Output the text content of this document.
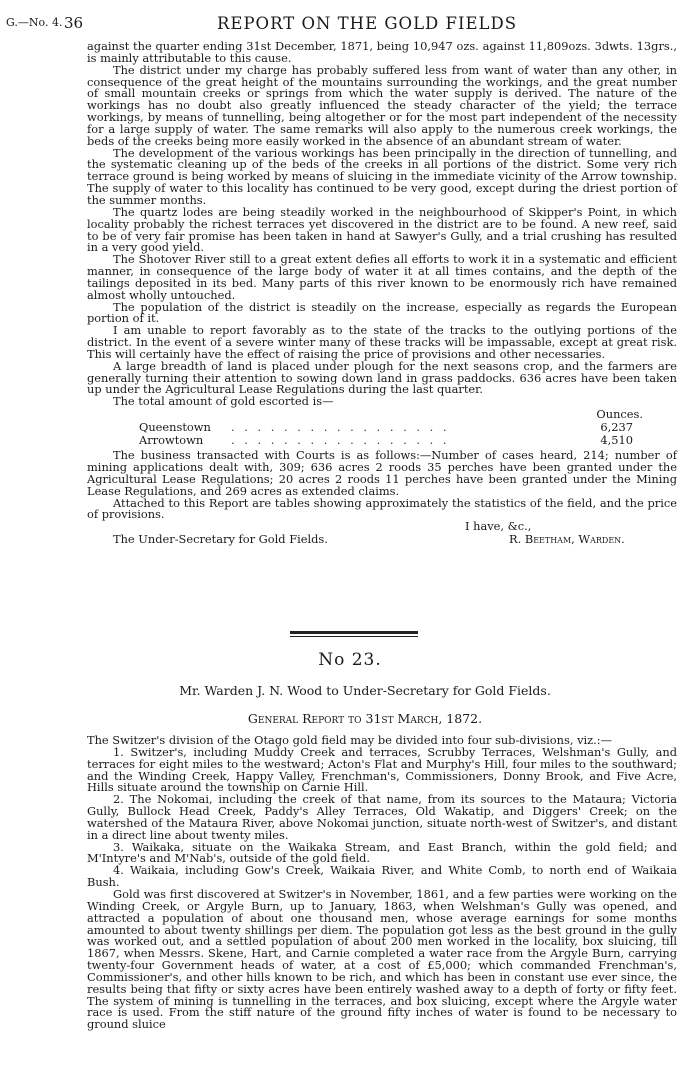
G.—No. 4. 36	REPORT ON THE GOLD FIELDS

against the quarter ending 31st December, 1871, being 10,947 ozs. against 11,809ozs. 3dwts. 13grs., is mainly attributable to this cause.

The district under my charge has probably suffered less from want of water than any other, in consequence of the great height of the mountains surrounding the workings, and the great number of small mountain creeks or springs from which the water supply is derived. The nature of the workings has no doubt also greatly influenced the steady character of the yield; the terrace workings, by means of tunnelling, being altogether or for the most part independent of the necessity for a large supply of water. The same remarks will also apply to the numerous creek workings, the beds of the creeks being more easily worked in the absence of an abundant stream of water.

The development of the various workings has been principally in the direction of tunnelling, and the systematic cleaning up of the beds of the creeks in all portions of the district. Some very rich terrace ground is being worked by means of sluicing in the immediate vicinity of the Arrow township. The supply of water to this locality has continued to be very good, except during the driest portion of the summer months.

The quartz lodes are being steadily worked in the neighbourhood of Skipper's Point, in which locality probably the richest terraces yet discovered in the district are to be found. A new reef, said to be of very fair promise has been taken in hand at Sawyer's Gully, and a trial crushing has resulted in a very good yield.

The Shotover River still to a great extent defies all efforts to work it in a systematic and efficient manner, in consequence of the large body of water it at all times contains, and the depth of the tailings deposited in its bed. Many parts of this river known to be enormously rich have remained almost wholly untouched.

The population of the district is steadily on the increase, especially as regards the European portion of it.

I am unable to report favorably as to the state of the tracks to the outlying portions of the district. In the event of a severe winter many of these tracks will be impassable, except at great risk. This will certainly have the effect of raising the price of provisions and other necessaries.

A large breadth of land is placed under plough for the next seasons crop, and the farmers are generally turning their attention to sowing down land in grass paddocks. 636 acres have been taken up under the Agricultural Lease Regulations during the last quarter.

The total amount of gold escorted is—

Ounces.
Queenstown . . . . . . . . . . . . . . . . .	6,237
Arrowtown . . . . . . . . . . . . . . . . .	4,510

The business transacted with Courts is as follows:—Number of cases heard, 214; number of mining applications dealt with, 309; 636 acres 2 roods 35 perches have been granted under the Agricultural Lease Regulations; 20 acres 2 roods 11 perches have been granted under the Mining Lease Regulations, and 269 acres as extended claims.

Attached to this Report are tables showing approximately the statistics of the field, and the price of provisions.

I have, &c.,
The Under-Secretary for Gold Fields.	R. Beetham, Warden.
No 23.
Mr. Warden J. N. Wood to Under-Secretary for Gold Fields.
General Report to 31st March, 1872.

The Switzer's division of the Otago gold field may be divided into four sub-divisions, viz.:—

1. Switzer's, including Muddy Creek and terraces, Scrubby Terraces, Welshman's Gully, and terraces for eight miles to the westward; Acton's Flat and Murphy's Hill, four miles to the southward; and the Winding Creek, Happy Valley, Frenchman's, Commissioners, Donny Brook, and Five Acre, Hills situate around the township on Carnie Hill.

2. The Nokomai, including the creek of that name, from its sources to the Mataura; Victoria Gully, Bullock Head Creek, Paddy's Alley Terraces, Old Wakatip, and Diggers' Creek; on the watershed of the Mataura River, above Nokomai junction, situate north-west of Switzer's, and distant in a direct line about twenty miles.

3. Waikaka, situate on the Waikaka Stream, and East Branch, within the gold field; and M'Intyre's and M'Nab's, outside of the gold field.

4. Waikaia, including Gow's Creek, Waikaia River, and White Comb, to north end of Waikaia Bush.

Gold was first discovered at Switzer's in November, 1861, and a few parties were working on the Winding Creek, or Argyle Burn, up to January, 1863, when Welshman's Gully was opened, and attracted a population of about one thousand men, whose average earnings for some months amounted to about twenty shillings per diem. The population got less as the best ground in the gully was worked out, and a settled population of about 200 men worked in the locality, box sluicing, till 1867, when Messrs. Skene, Hart, and Carnie completed a water race from the Argyle Burn, carrying twenty-four Government heads of water, at a cost of £5,000; which commanded Frenchman's, Commissioner's, and other hills known to be rich, and which has been in constant use ever since, the results being that fifty or sixty acres have been entirely washed away to a depth of forty or fifty feet. The system of mining is tunnelling in the terraces, and box sluicing, except where the Argyle water race is used. From the stiff nature of the ground fifty inches of water is found to be necessary to ground sluice
